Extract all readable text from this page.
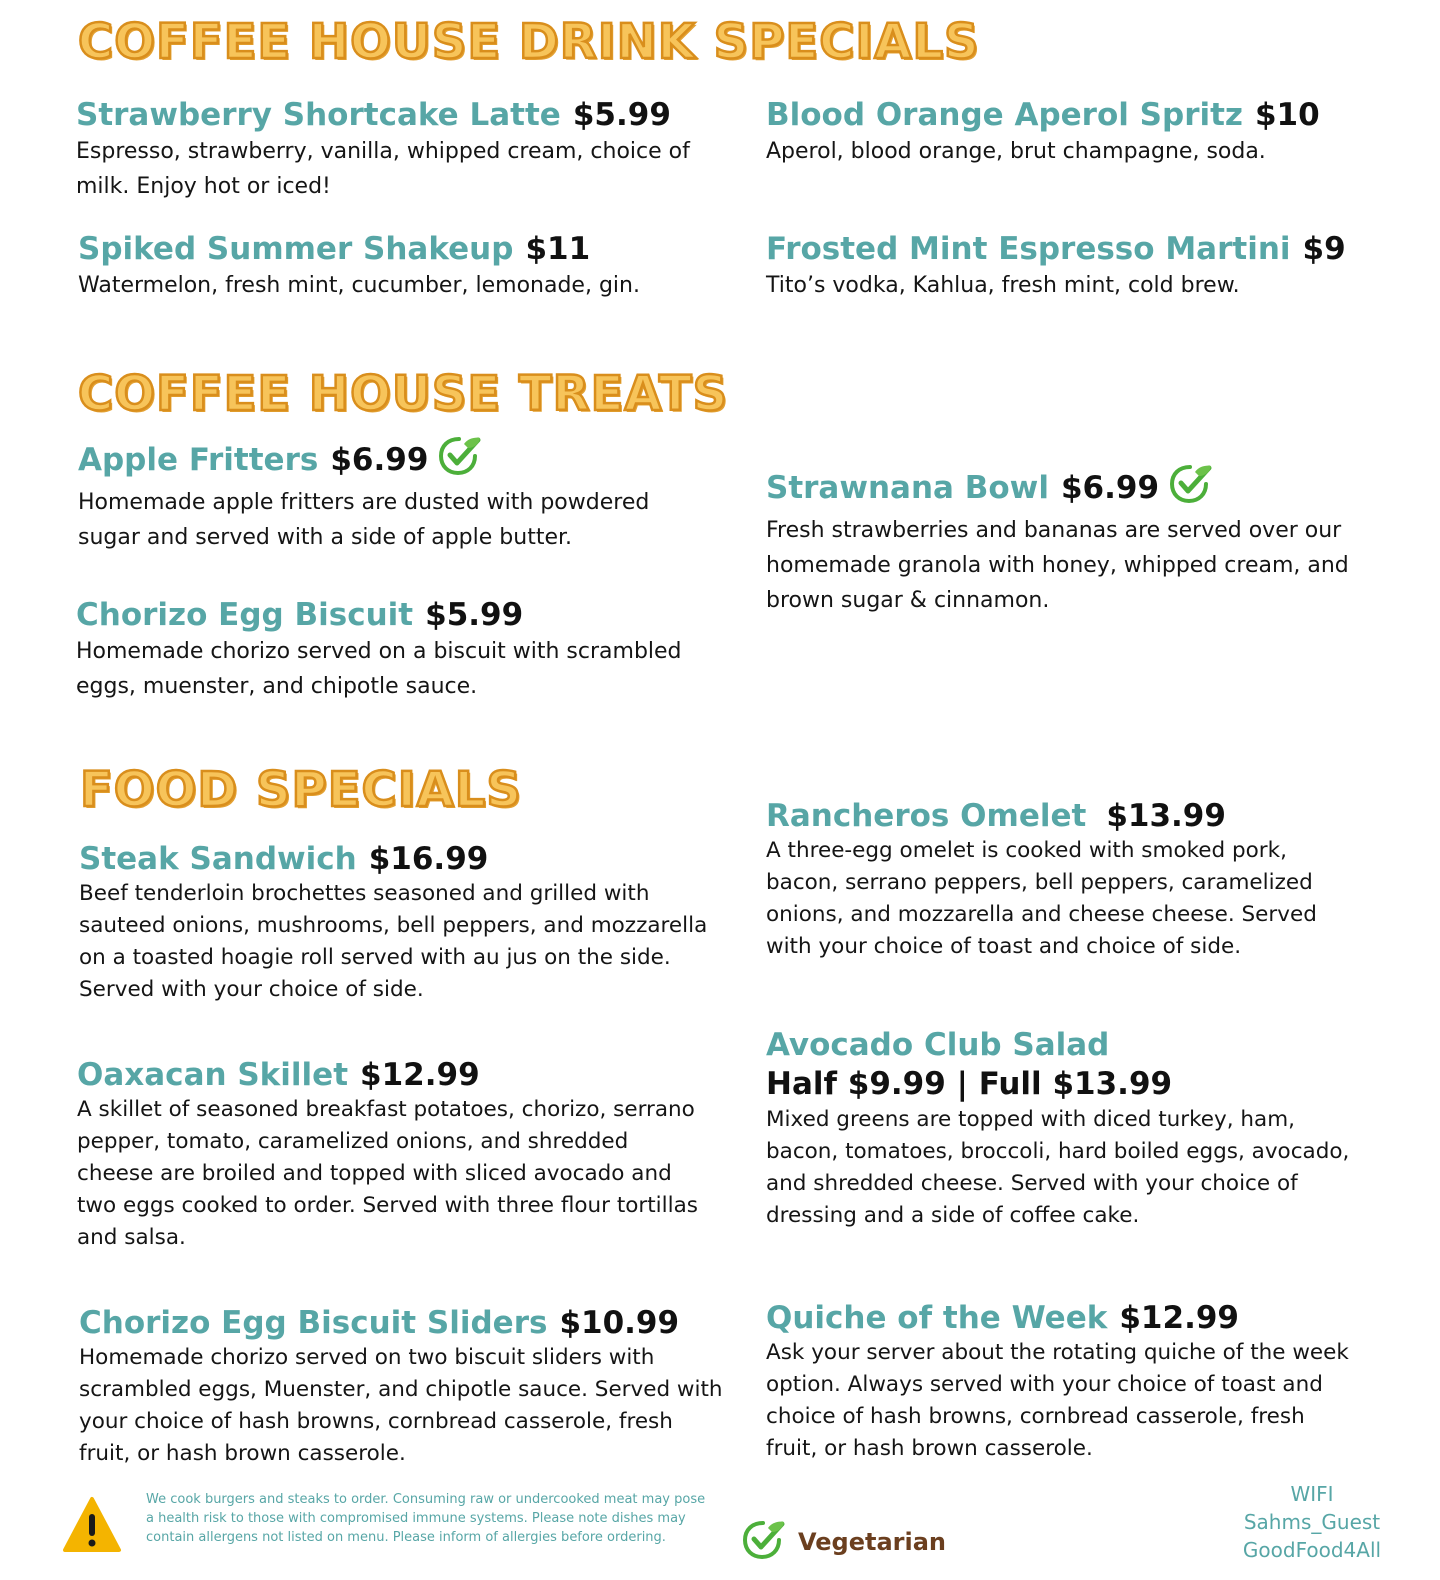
COFFEE HOUSE DRINK SPECIALS
COFFEE HOUSE TREATS
FOOD SPECIALS
Strawberry Shortcake Latte $5.99
Espresso, strawberry, vanilla, whipped cream, choice of milk. Enjoy hot or iced!
Blood Orange Aperol Spritz $10
Aperol, blood orange, brut champagne, soda.
Spiked Summer Shakeup $11
Watermelon, fresh mint, cucumber, lemonade, gin.
Frosted Mint Espresso Martini $9
Tito’s vodka, Kahlua, fresh mint, cold brew.
Apple Fritters $6.99
Homemade apple fritters are dusted with powdered sugar and served with a side of apple butter.
Strawnana Bowl $6.99
Fresh strawberries and bananas are served over our homemade granola with honey, whipped cream, and brown sugar & cinnamon.
Chorizo Egg Biscuit $5.99
Homemade chorizo served on a biscuit with scrambled eggs, muenster, and chipotle sauce.
Steak Sandwich $16.99
Beef tenderloin brochettes seasoned and grilled with sauteed onions, mushrooms, bell peppers, and mozzarella on a toasted hoagie roll served with au jus on the side. Served with your choice of side.
Rancheros Omelet $13.99
A three-egg omelet is cooked with smoked pork, bacon, serrano peppers, bell peppers, caramelized onions, and mozzarella and cheese cheese. Served with your choice of toast and choice of side.
Oaxacan Skillet $12.99
A skillet of seasoned breakfast potatoes, chorizo, serrano pepper, tomato, caramelized onions, and shredded cheese are broiled and topped with sliced avocado and two eggs cooked to order. Served with three flour tortillas and salsa.
Avocado Club Salad
Half $9.99 | Full $13.99
Mixed greens are topped with diced turkey, ham, bacon, tomatoes, broccoli, hard boiled eggs, avocado, and shredded cheese. Served with your choice of dressing and a side of coffee cake.
Chorizo Egg Biscuit Sliders $10.99
Homemade chorizo served on two biscuit sliders with scrambled eggs, Muenster, and chipotle sauce. Served with your choice of hash browns, cornbread casserole, fresh fruit, or hash brown casserole.
Quiche of the Week $12.99
Ask your server about the rotating quiche of the week option. Always served with your choice of toast and choice of hash browns, cornbread casserole, fresh fruit, or hash brown casserole.
We cook burgers and steaks to order. Consuming raw or undercooked meat may pose a health risk to those with compromised immune systems. Please note dishes may contain allergens not listed on menu. Please inform of allergies before ordering.	Vegetarian
WIFI
Sahms_Guest
GoodFood4All
